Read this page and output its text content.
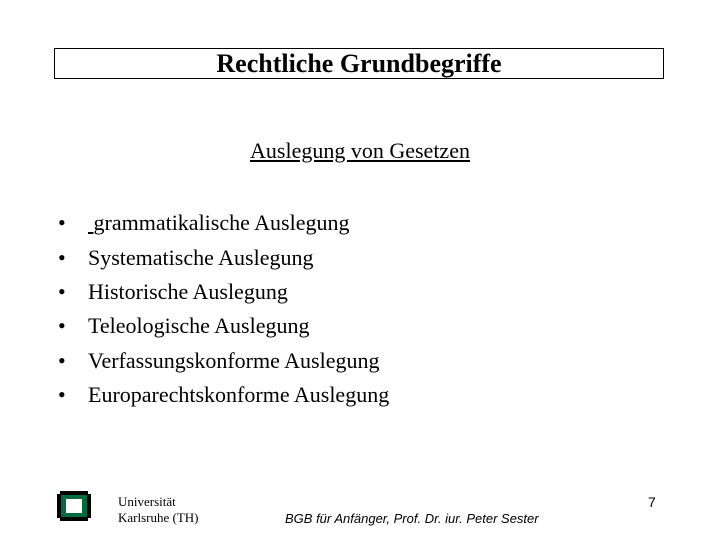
Rechtliche Grundbegriffe
Auslegung von Gesetzen
•	grammatikalische Auslegung
•	Systematische Auslegung
•	Historische Auslegung
•	Teleologische Auslegung
•	Verfassungskonforme Auslegung
•	Europarechtskonforme Auslegung
Universität
Karlsruhe (TH)	BGB für Anfänger, Prof. Dr. iur. Peter Sester
7
